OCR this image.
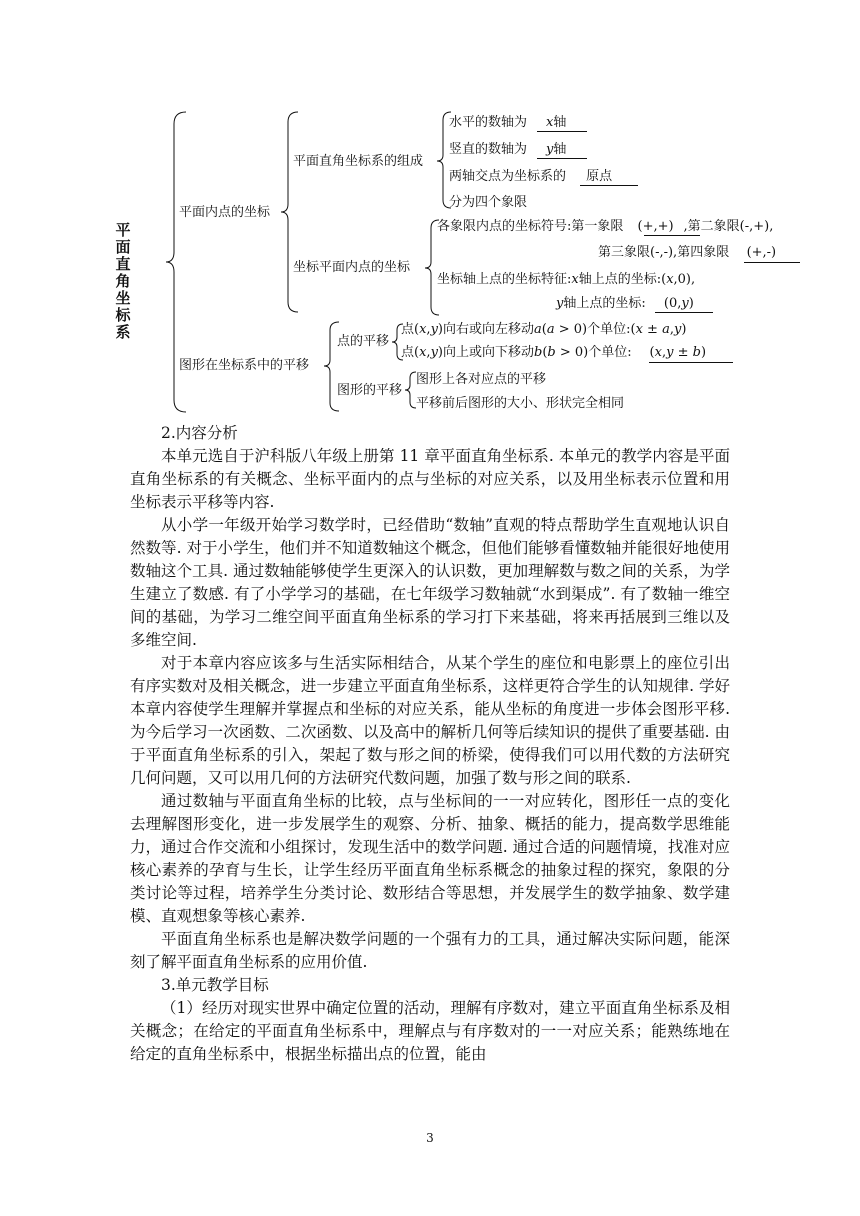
平面直角坐标系
平面内点的坐标
平面直角坐标系的组成
水平的数轴为 x轴
竖直的数轴为 y轴
两轴交点为坐标系的 原点
分为四个象限
坐标平面内点的坐标
各象限内点的坐标符号:第一象限 (+,+) ,第二象限(-,+),
第三象限(-,-),第四象限 (+,-)
坐标轴上点的坐标特征:x轴上点的坐标:(x,0),
y轴上点的坐标: (0,y)
图形在坐标系中的平移
点的平移
点(x,y)向右或向左移动a(a > 0)个单位:(x ± a,y)
点(x,y)向上或向下移动b(b > 0)个单位: (x,y ± b)
图形的平移
图形上各对应点的平移
平移前后图形的大小、形状完全相同

2.内容分析

本单元选自于沪科版八年级上册第 11 章平面直角坐标系. 本单元的教学内容是平面直角坐标系的有关概念、坐标平面内的点与坐标的对应关系，以及用坐标表示位置和用坐标表示平移等内容.

从小学一年级开始学习数学时，已经借助“数轴”直观的特点帮助学生直观地认识自然数等. 对于小学生，他们并不知道数轴这个概念，但他们能够看懂数轴并能很好地使用数轴这个工具. 通过数轴能够使学生更深入的认识数，更加理解数与数之间的关系，为学生建立了数感. 有了小学学习的基础，在七年级学习数轴就“水到渠成”. 有了数轴一维空间的基础，为学习二维空间平面直角坐标系的学习打下来基础，将来再括展到三维以及多维空间.

对于本章内容应该多与生活实际相结合，从某个学生的座位和电影票上的座位引出有序实数对及相关概念，进一步建立平面直角坐标系，这样更符合学生的认知规律. 学好本章内容使学生理解并掌握点和坐标的对应关系，能从坐标的角度进一步体会图形平移. 为今后学习一次函数、二次函数、以及高中的解析几何等后续知识的提供了重要基础. 由于平面直角坐标系的引入，架起了数与形之间的桥梁，使得我们可以用代数的方法研究几何问题，又可以用几何的方法研究代数问题，加强了数与形之间的联系.

通过数轴与平面直角坐标的比较，点与坐标间的一一对应转化，图形任一点的变化去理解图形变化，进一步发展学生的观察、分析、抽象、概括的能力，提高数学思维能力，通过合作交流和小组探讨，发现生活中的数学问题. 通过合适的问题情境，找准对应核心素养的孕育与生长，让学生经历平面直角坐标系概念的抽象过程的探究，象限的分类讨论等过程，培养学生分类讨论、数形结合等思想，并发展学生的数学抽象、数学建模、直观想象等核心素养.

平面直角坐标系也是解决数学问题的一个强有力的工具，通过解决实际问题，能深刻了解平面直角坐标系的应用价值.

3.单元教学目标

（1）经历对现实世界中确定位置的活动，理解有序数对，建立平面直角坐标系及相关概念；在给定的平面直角坐标系中，理解点与有序数对的一一对应关系；能熟练地在给定的直角坐标系中，根据坐标描出点的位置，能由

3
